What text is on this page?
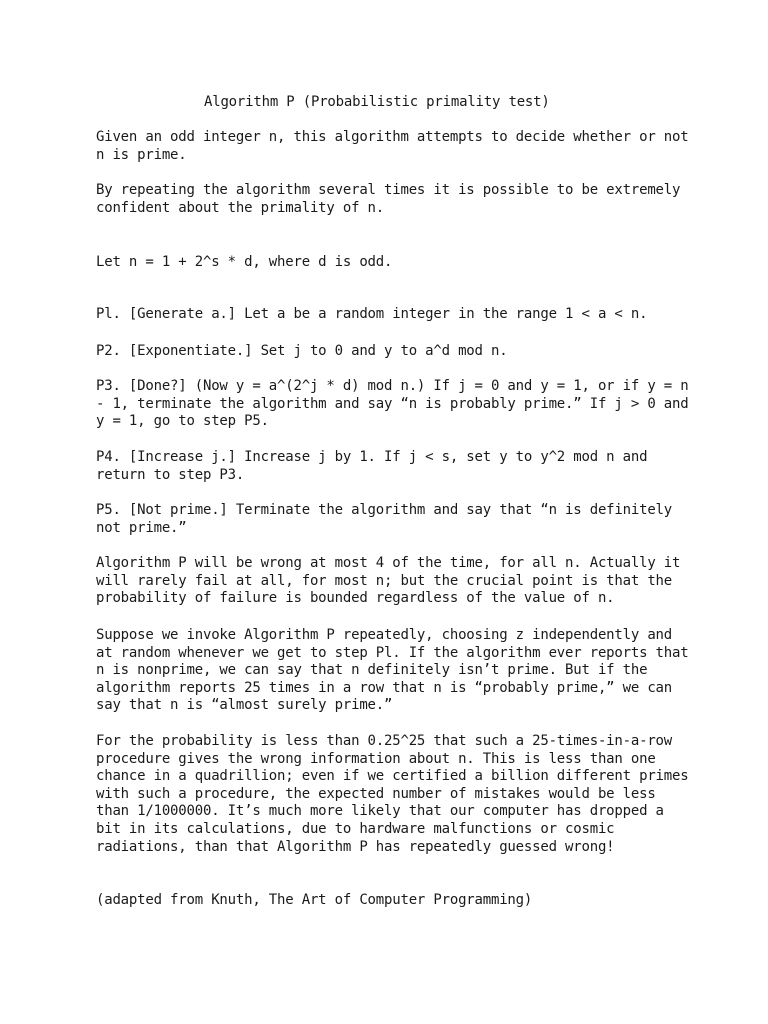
Algorithm P (Probabilistic primality test)

Given an odd integer n, this algorithm attempts to decide whether or not
n is prime.

By repeating the algorithm several times it is possible to be extremely
confident about the primality of n.

Let n = 1 + 2^s * d, where d is odd.

Pl. [Generate a.] Let a be a random integer in the range 1 < a < n.

P2. [Exponentiate.] Set j to 0 and y to a^d mod n.

P3. [Done?] (Now y = a^(2^j * d) mod n.) If j = 0 and y = 1, or if y = n
- 1, terminate the algorithm and say “n is probably prime.” If j > 0 and
y = 1, go to step P5.

P4. [Increase j.] Increase j by 1. If j < s, set y to y^2 mod n and
return to step P3.

P5. [Not prime.] Terminate the algorithm and say that “n is definitely
not prime.”

Algorithm P will be wrong at most 4 of the time, for all n. Actually it
will rarely fail at all, for most n; but the crucial point is that the
probability of failure is bounded regardless of the value of n.

Suppose we invoke Algorithm P repeatedly, choosing z independently and
at random whenever we get to step Pl. If the algorithm ever reports that
n is nonprime, we can say that n definitely isn’t prime. But if the
algorithm reports 25 times in a row that n is “probably prime,” we can
say that n is “almost surely prime.”

For the probability is less than 0.25^25 that such a 25-times-in-a-row
procedure gives the wrong information about n. This is less than one
chance in a quadrillion; even if we certified a billion different primes
with such a procedure, the expected number of mistakes would be less
than 1/1000000. It’s much more likely that our computer has dropped a
bit in its calculations, due to hardware malfunctions or cosmic
radiations, than that Algorithm P has repeatedly guessed wrong!

(adapted from Knuth, The Art of Computer Programming)
